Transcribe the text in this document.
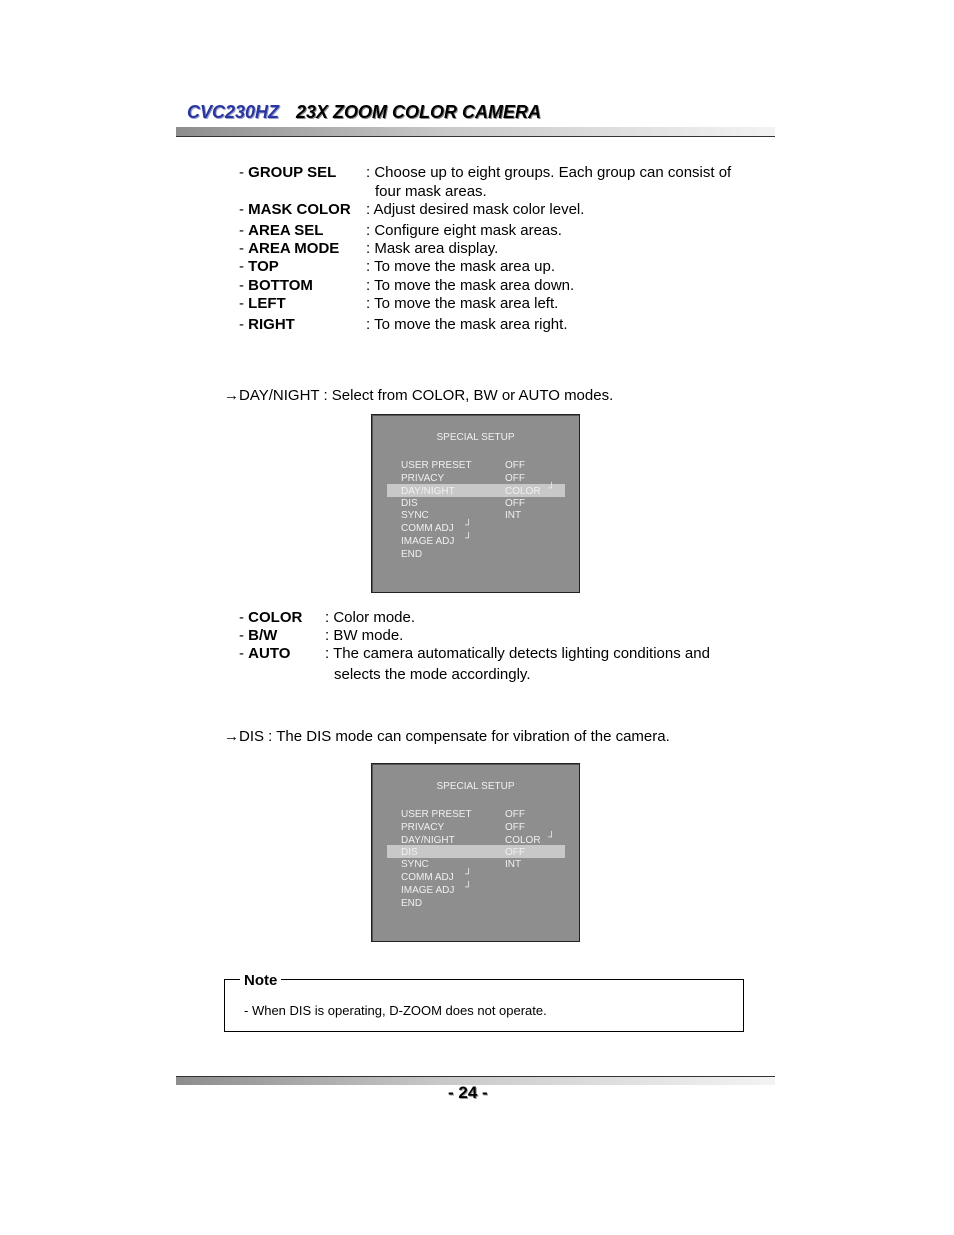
CVC230HZ 23X ZOOM COLOR CAMERA
- GROUP SEL : Choose up to eight groups. Each group can consist of
four mask areas.
- MASK COLOR : Adjust desired mask color level.
- AREA SEL	: Configure eight mask areas.
- AREA MODE : Mask area display.
- TOP	: To move the mask area up.
- BOTTOM	: To move the mask area down.
- LEFT	: To move the mask area left.
- RIGHT	: To move the mask area right.
→DAY/NIGHT : Select from COLOR, BW or AUTO modes.
SPECIAL SETUP
USER PRESET	OFF
PRIVACY	OFF
DAY/NIGHT	COLOR ┘
DIS	OFF
SYNC	INT
COMM ADJ ┘
IMAGE ADJ ┘
END
- COLOR : Color mode.
- B/W	: BW mode.
- AUTO : The camera automatically detects lighting conditions and
selects the mode accordingly.
→DIS : The DIS mode can compensate for vibration of the camera.
SPECIAL SETUP
USER PRESET	OFF
PRIVACY	OFF
DAY/NIGHT	COLOR ┘
DIS	OFF
SYNC	INT
COMM ADJ ┘
IMAGE ADJ ┘
END
Note
- When DIS is operating, D-ZOOM does not operate.
- 24 -
